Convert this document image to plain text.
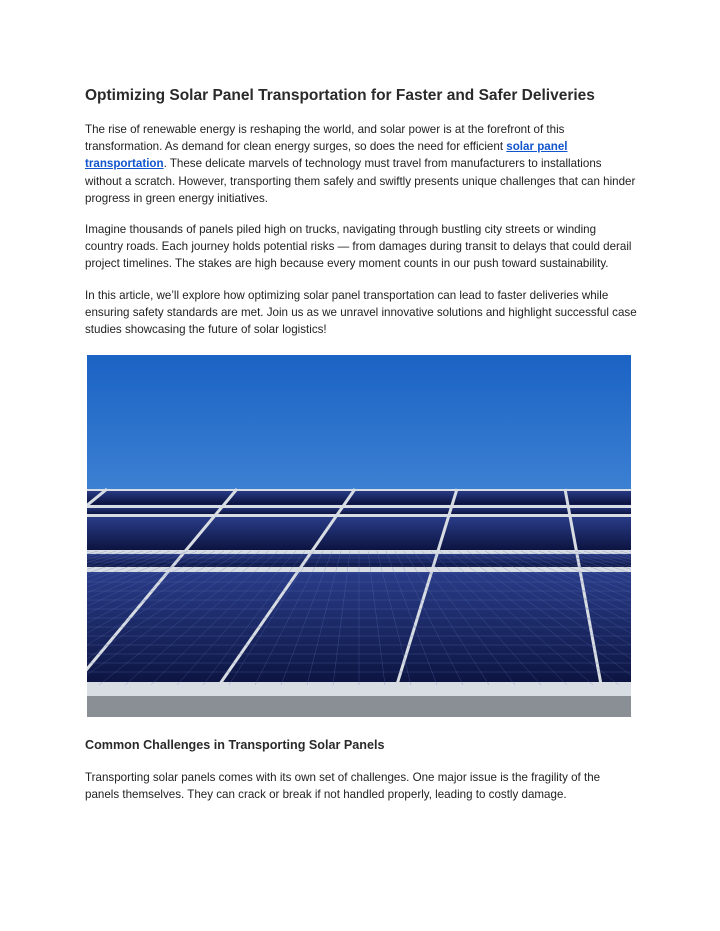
Optimizing Solar Panel Transportation for Faster and Safer Deliveries

The rise of renewable energy is reshaping the world, and solar power is at the forefront of this transformation. As demand for clean energy surges, so does the need for efficient solar panel transportation. These delicate marvels of technology must travel from manufacturers to installations without a scratch. However, transporting them safely and swiftly presents unique challenges that can hinder progress in green energy initiatives.

Imagine thousands of panels piled high on trucks, navigating through bustling city streets or winding country roads. Each journey holds potential risks — from damages during transit to delays that could derail project timelines. The stakes are high because every moment counts in our push toward sustainability.

In this article, we’ll explore how optimizing solar panel transportation can lead to faster deliveries while ensuring safety standards are met. Join us as we unravel innovative solutions and highlight successful case studies showcasing the future of solar logistics!

Common Challenges in Transporting Solar Panels

Transporting solar panels comes with its own set of challenges. One major issue is the fragility of the panels themselves. They can crack or break if not handled properly, leading to costly damage.
